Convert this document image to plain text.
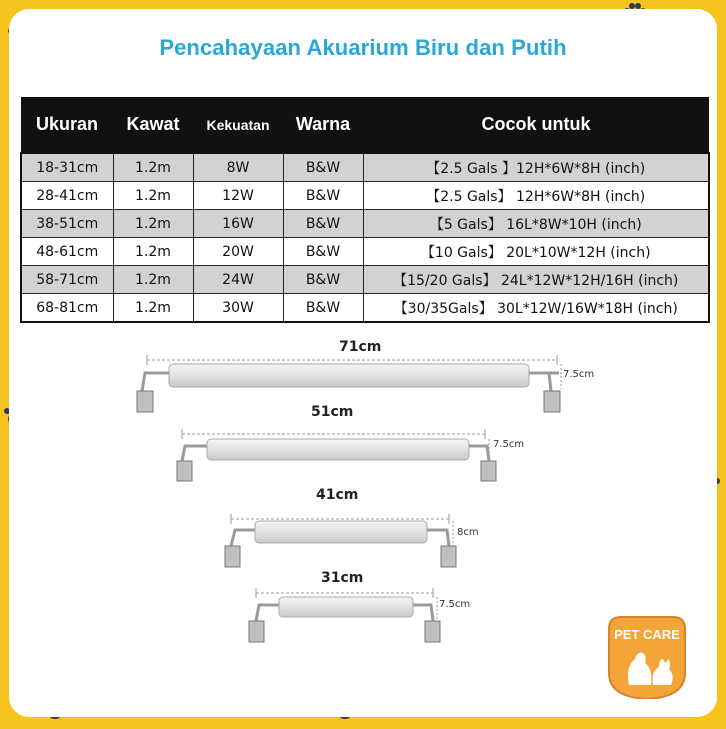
Pencahayaan Akuarium Biru dan Putih
Ukuran	Kawat	Kekuatan	Warna	Cocok untuk
18-31cm	1.2m	8W	B&W	【2.5 Gals 】12H*6W*8H (inch)
28-41cm	1.2m	12W	B&W	【2.5 Gals】 12H*6W*8H (inch)
38-51cm	1.2m	16W	B&W	【5 Gals】 16L*8W*10H (inch)
48-61cm	1.2m	20W	B&W	【10 Gals】 20L*10W*12H (inch)
58-71cm	1.2m	24W	B&W	【15/20 Gals】 24L*12W*12H/16H (inch)
68-81cm	1.2m	30W	B&W	【30/35Gals】 30L*12W/16W*18H (inch)
71cm
7.5cm
51cm
7.5cm
41cm
8cm
31cm
7.5cm
PET CARE
